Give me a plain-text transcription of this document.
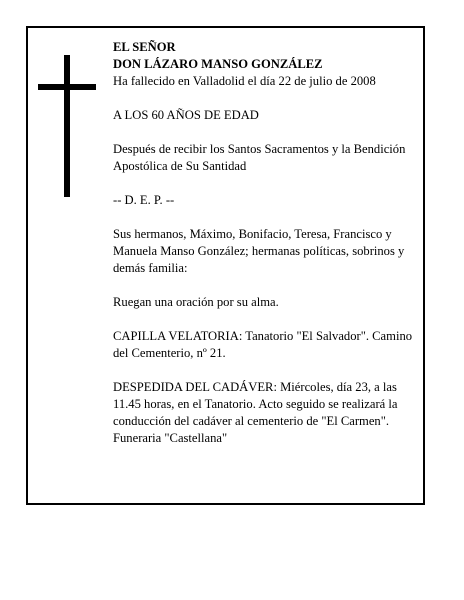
EL SEÑOR

DON LÁZARO MANSO GONZÁLEZ

Ha fallecido en Valladolid el día 22 de julio de 2008

A LOS 60 AÑOS DE EDAD

Después de recibir los Santos Sacramentos y la Bendición Apostólica de Su Santidad

-- D. E. P. --

Sus hermanos, Máximo, Bonifacio, Teresa, Francisco y Manuela Manso González; hermanas políticas, sobrinos y demás familia:

Ruegan una oración por su alma.

CAPILLA VELATORIA: Tanatorio "El Salvador". Camino del Cementerio, nº 21.

DESPEDIDA DEL CADÁVER: Miércoles, día 23, a las 11.45 horas, en el Tanatorio. Acto seguido se realizará la conducción del cadáver al cementerio de "El Carmen".

Funeraria "Castellana"
